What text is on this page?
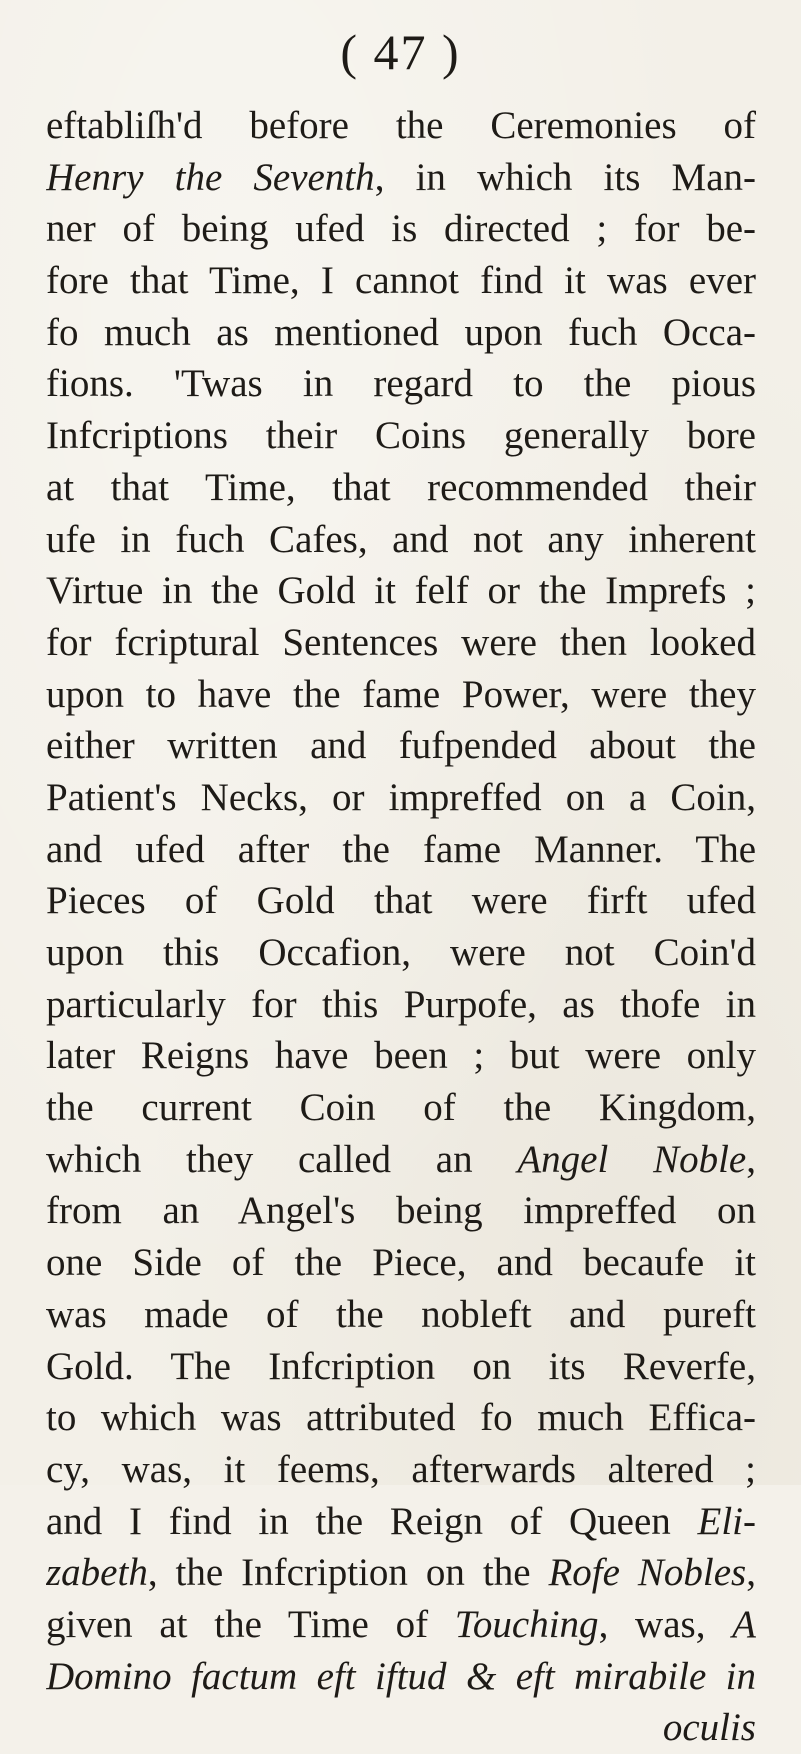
( 47 )
eftabliſh'd before the Ceremonies of
Henry the Seventh, in which its Man-
ner of being ufed is directed ; for be-
fore that Time, I cannot find it was ever
fo much as mentioned upon fuch Occa-
fions. 'Twas in regard to the pious
Infcriptions their Coins generally bore
at that Time, that recommended their
ufe in fuch Cafes, and not any inherent
Virtue in the Gold it felf or the Imprefs ;
for fcriptural Sentences were then looked
upon to have the fame Power, were they
either written and fufpended about the
Patient's Necks, or impreffed on a Coin,
and ufed after the fame Manner. The
Pieces of Gold that were firft ufed
upon this Occafion, were not Coin'd
particularly for this Purpofe, as thofe in
later Reigns have been ; but were only
the current Coin of the Kingdom,
which they called an Angel Noble,
from an Angel's being impreffed on
one Side of the Piece, and becaufe it
was made of the nobleft and pureft
Gold. The Infcription on its Reverfe,
to which was attributed fo much Effica-
cy, was, it feems, afterwards altered ;
and I find in the Reign of Queen Eli-
zabeth, the Infcription on the Rofe Nobles,
given at the Time of Touching, was, A
Domino factum eft iftud & eft mirabile in
oculis
